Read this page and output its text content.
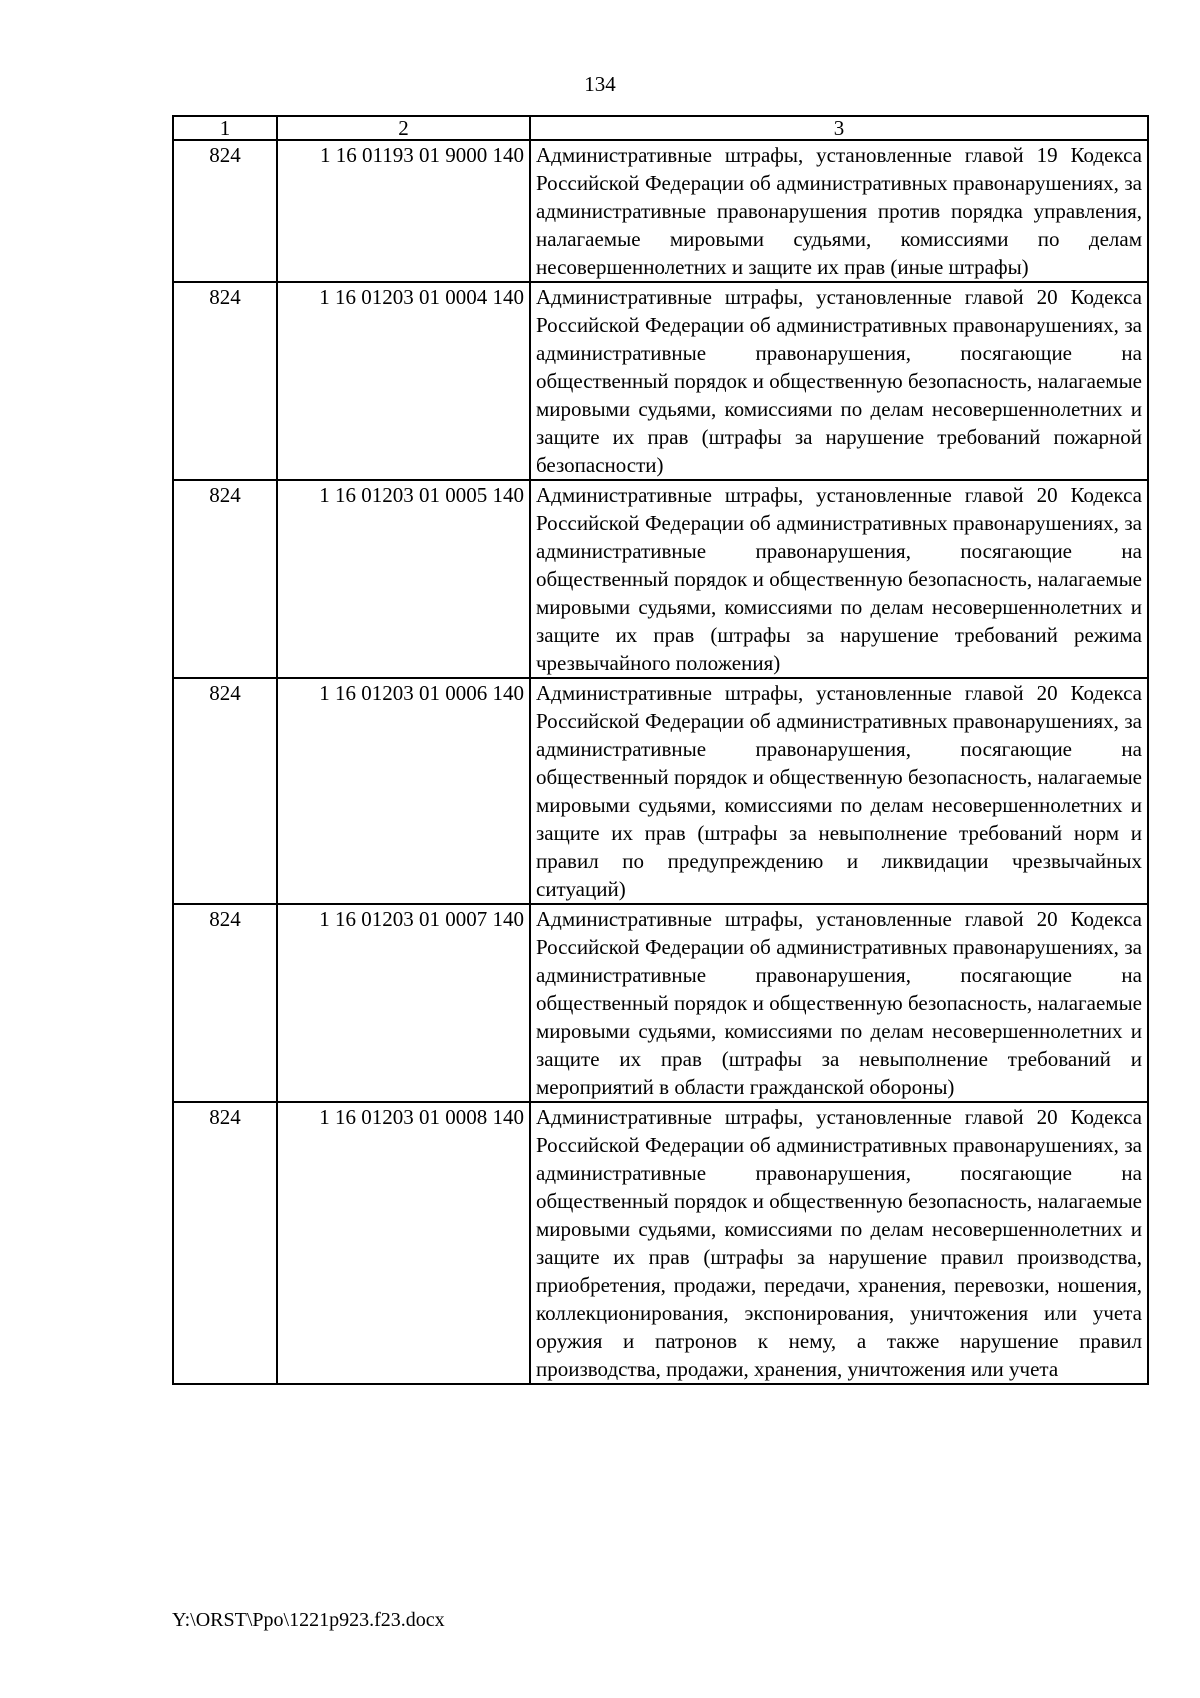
134
1	2	3
824	1 16 01193 01 9000 140	Административные штрафы, установленные главой 19 Кодекса Российской Федерации об административных правонарушениях, за административные правонарушения против порядка управления, налагаемые мировыми судьями, комиссиями по делам несовершеннолетних и защите их прав (иные штрафы)
824	1 16 01203 01 0004 140	Административные штрафы, установленные главой 20 Кодекса Российской Федерации об административных правонарушениях, за административные правонарушения, посягающие на общественный порядок и общественную безопасность, налагаемые мировыми судьями, комиссиями по делам несовершеннолетних и защите их прав (штрафы за нарушение требований пожарной безопасности)
824	1 16 01203 01 0005 140	Административные штрафы, установленные главой 20 Кодекса Российской Федерации об административных правонарушениях, за административные правонарушения, посягающие на общественный порядок и общественную безопасность, налагаемые мировыми судьями, комиссиями по делам несовершеннолетних и защите их прав (штрафы за нарушение требований режима чрезвычайного положения)
824	1 16 01203 01 0006 140	Административные штрафы, установленные главой 20 Кодекса Российской Федерации об административных правонарушениях, за административные правонарушения, посягающие на общественный порядок и общественную безопасность, налагаемые мировыми судьями, комиссиями по делам несовершеннолетних и защите их прав (штрафы за невыполнение требований норм и правил по предупреждению и ликвидации чрезвычайных ситуаций)
824	1 16 01203 01 0007 140	Административные штрафы, установленные главой 20 Кодекса Российской Федерации об административных правонарушениях, за административные правонарушения, посягающие на общественный порядок и общественную безопасность, налагаемые мировыми судьями, комиссиями по делам несовершеннолетних и защите их прав (штрафы за невыполнение требований и мероприятий в области гражданской обороны)
824	1 16 01203 01 0008 140	Административные штрафы, установленные главой 20 Кодекса Российской Федерации об административных правонарушениях, за административные правонарушения, посягающие на общественный порядок и общественную безопасность, налагаемые мировыми судьями, комиссиями по делам несовершеннолетних и защите их прав (штрафы за нарушение правил производства, приобретения, продажи, передачи, хранения, перевозки, ношения, коллекционирования, экспонирования, уничтожения или учета оружия и патронов к нему, а также нарушение правил производства, продажи, хранения, уничтожения или учета
Y:\ORST\Ppo\1221p923.f23.docx
